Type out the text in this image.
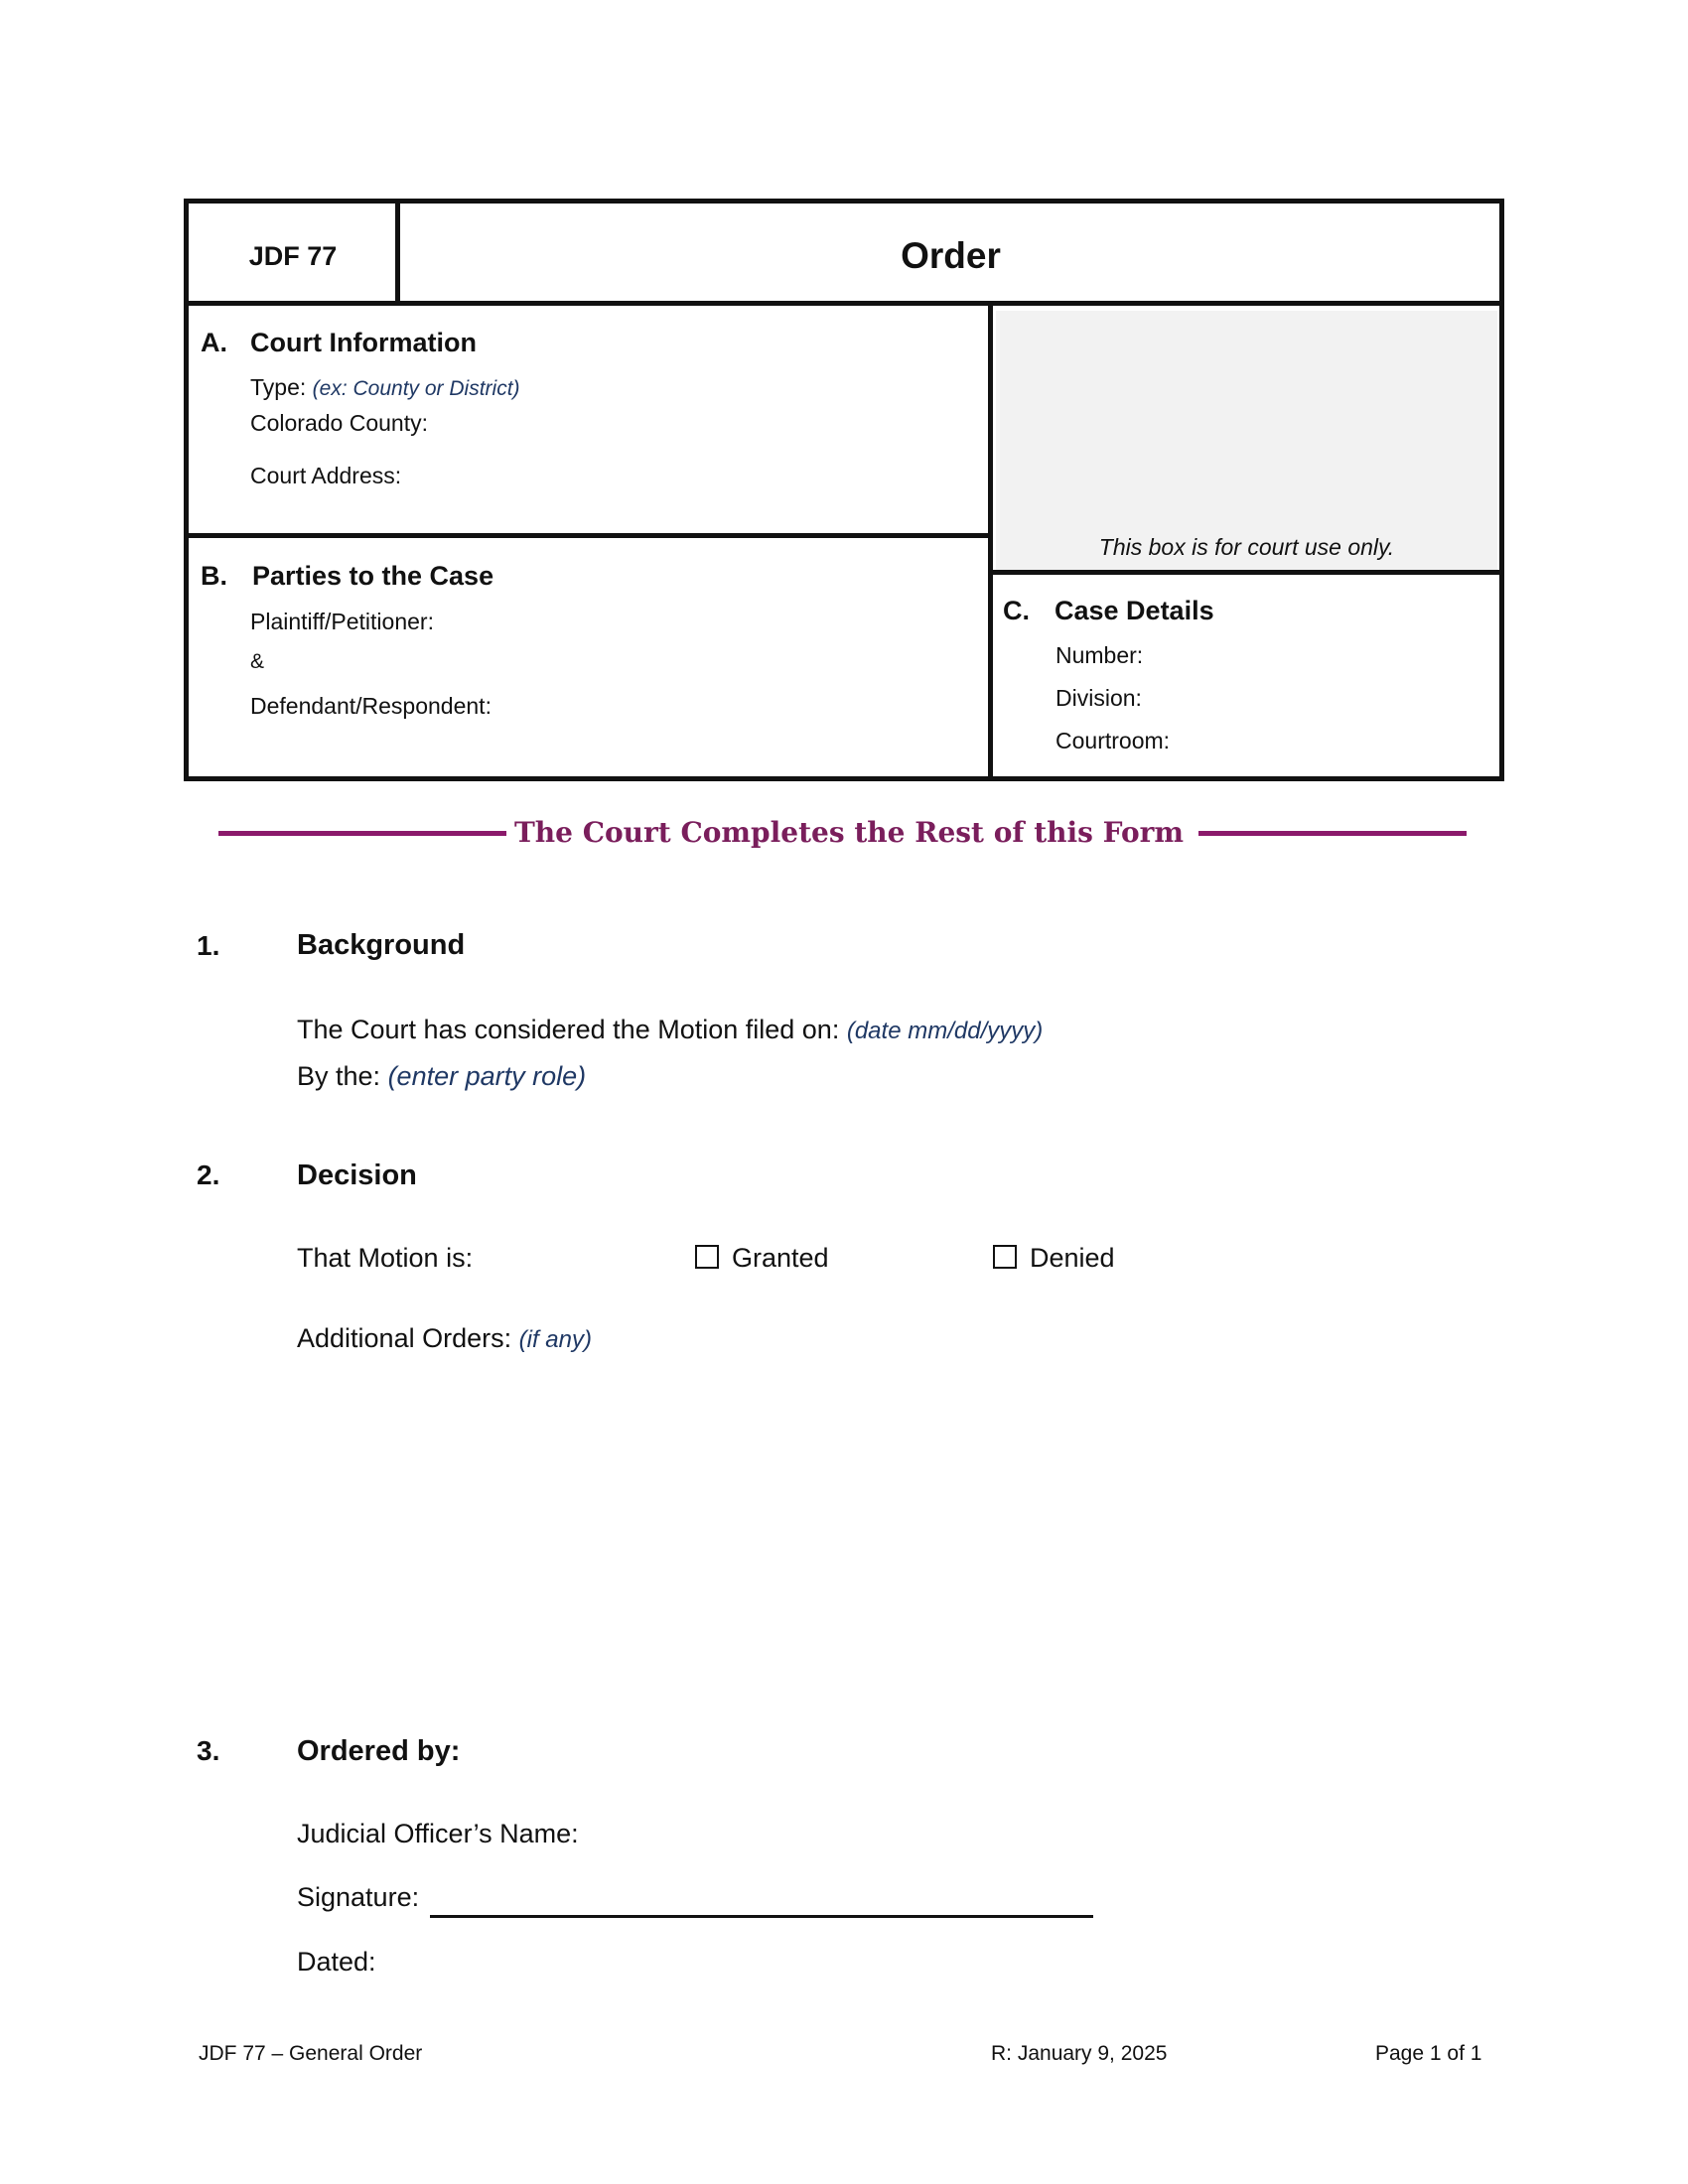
JDF 77	Order
A. Court Information
Type: (ex: County or District)
Colorado County:
Court Address:
This box is for court use only.
B. Parties to the Case
Plaintiff/Petitioner:
&
Defendant/Respondent:
C. Case Details
Number:
Division:
Courtroom:
The Court Completes the Rest of this Form
1.	Background
The Court has considered the Motion filed on: (date mm/dd/yyyy)
By the: (enter party role)
2.	Decision
That Motion is:	Granted	Denied
Additional Orders: (if any)
3.	Ordered by:
Judicial Officer’s Name:
Signature:
Dated:
JDF 77 – General Order	R: January 9, 2025	Page 1 of 1
